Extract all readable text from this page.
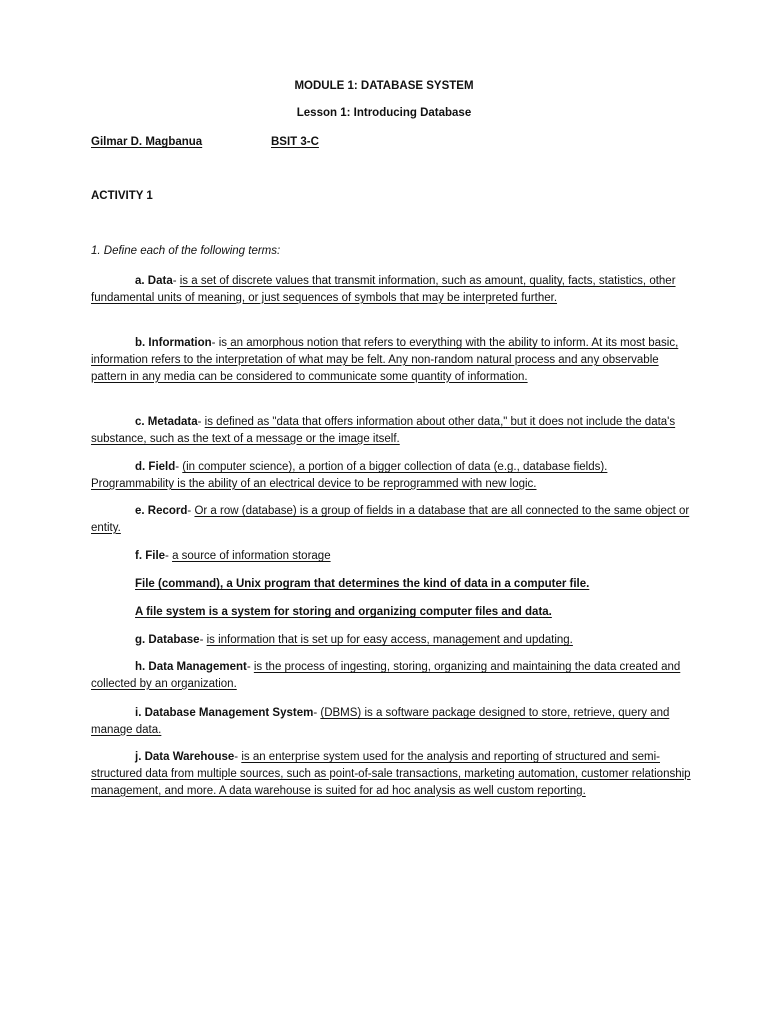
MODULE 1: DATABASE SYSTEM
Lesson 1: Introducing Database
Gilmar D. Magbanua	BSIT 3-C
ACTIVITY 1
1. Define each of the following terms:
a. Data- is a set of discrete values that transmit information, such as amount, quality, facts, statistics, other fundamental units of meaning, or just sequences of symbols that may be interpreted further.
b. Information- is an amorphous notion that refers to everything with the ability to inform. At its most basic, information refers to the interpretation of what may be felt. Any non-random natural process and any observable pattern in any media can be considered to communicate some quantity of information.
c. Metadata- is defined as "data that offers information about other data," but it does not include the data's substance, such as the text of a message or the image itself.
d. Field- (in computer science), a portion of a bigger collection of data (e.g., database fields). Programmability is the ability of an electrical device to be reprogrammed with new logic.
e. Record- Or a row (database) is a group of fields in a database that are all connected to the same object or entity.
f. File- a source of information storage
File (command), a Unix program that determines the kind of data in a computer file.
A file system is a system for storing and organizing computer files and data.
g. Database- is information that is set up for easy access, management and updating.
h. Data Management- is the process of ingesting, storing, organizing and maintaining the data created and collected by an organization.
i. Database Management System- (DBMS) is a software package designed to store, retrieve, query and manage data.
j. Data Warehouse- is an enterprise system used for the analysis and reporting of structured and semi-structured data from multiple sources, such as point-of-sale transactions, marketing automation, customer relationship management, and more. A data warehouse is suited for ad hoc analysis as well custom reporting.
